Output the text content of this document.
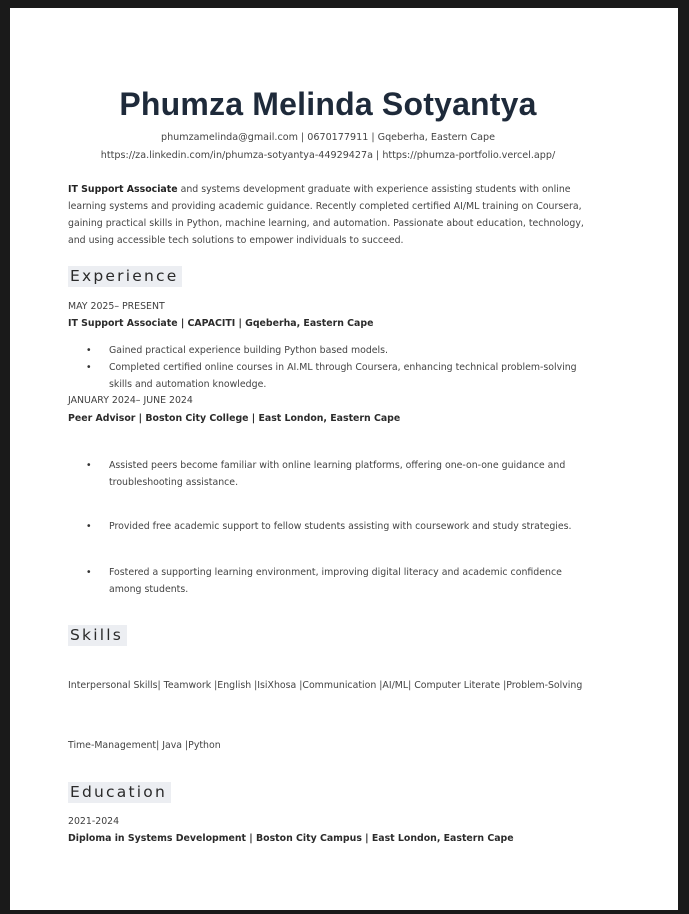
Phumza Melinda Sotyantya
phumzamelinda@gmail.com | 0670177911 | Gqeberha, Eastern Cape
https://za.linkedin.com/in/phumza-sotyantya-44929427a | https://phumza-portfolio.vercel.app/
IT Support Associate and systems development graduate with experience assisting students with online learning systems and providing academic guidance. Recently completed certified AI/ML training on Coursera, gaining practical skills in Python, machine learning, and automation. Passionate about education, technology, and using accessible tech solutions to empower individuals to succeed.
Experience
MAY 2025– PRESENT
IT Support Associate | CAPACITI | Gqeberha, Eastern Cape
•	Gained practical experience building Python based models.
•	Completed certified online courses in AI.ML through Coursera, enhancing technical problem-solving skills and automation knowledge.
JANUARY 2024– JUNE 2024
Peer Advisor | Boston City College | East London, Eastern Cape
•	Assisted peers become familiar with online learning platforms, offering one-on-one guidance and troubleshooting assistance.
•	Provided free academic support to fellow students assisting with coursework and study strategies.
•	Fostered a supporting learning environment, improving digital literacy and academic confidence among students.
Skills
Interpersonal Skills| Teamwork |English |IsiXhosa |Communication |AI/ML| Computer Literate |Problem-Solving
Time-Management| Java |Python
Education
2021-2024
Diploma in Systems Development | Boston City Campus | East London, Eastern Cape
